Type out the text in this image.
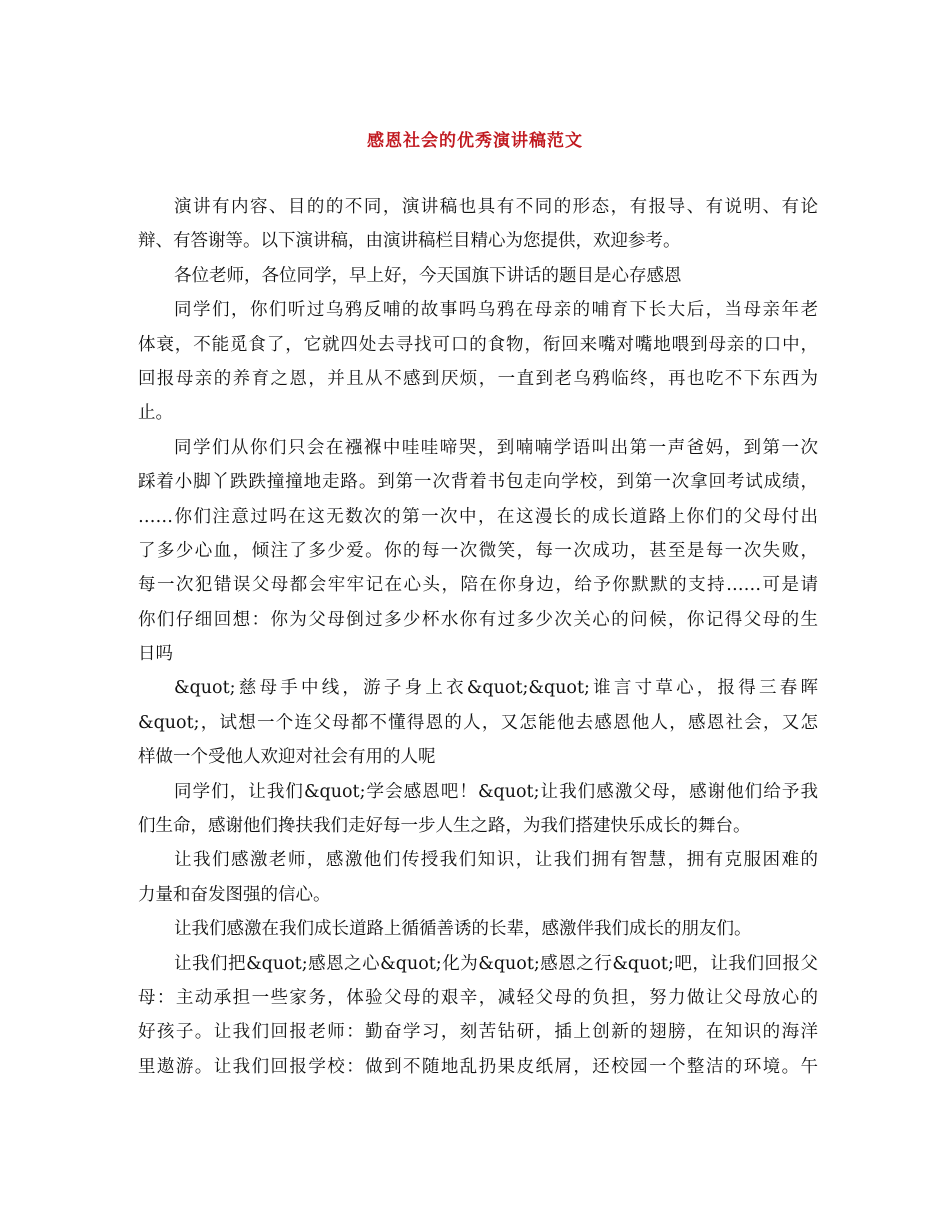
感恩社会的优秀演讲稿范文
演讲有内容、目的的不同，演讲稿也具有不同的形态，有报导、有说明、有论
辩、有答谢等。以下演讲稿，由演讲稿栏目精心为您提供，欢迎参考。
各位老师，各位同学，早上好，今天国旗下讲话的题目是心存感恩
同学们，你们听过乌鸦反哺的故事吗乌鸦在母亲的哺育下长大后，当母亲年老
体衰，不能觅食了，它就四处去寻找可口的食物，衔回来嘴对嘴地喂到母亲的口中，
回报母亲的养育之恩，并且从不感到厌烦，一直到老乌鸦临终，再也吃不下东西为
止。
同学们从你们只会在襁褓中哇哇啼哭，到喃喃学语叫出第一声爸妈，到第一次
踩着小脚丫跌跌撞撞地走路。到第一次背着书包走向学校，到第一次拿回考试成绩，
……你们注意过吗在这无数次的第一次中，在这漫长的成长道路上你们的父母付出
了多少心血，倾注了多少爱。你的每一次微笑，每一次成功，甚至是每一次失败，
每一次犯错误父母都会牢牢记在心头，陪在你身边，给予你默默的支持……可是请
你们仔细回想：你为父母倒过多少杯水你有过多少次关心的问候，你记得父母的生
日吗
&quot;慈母手中线，游子身上衣&quot;&quot;谁言寸草心，报得三春晖
&quot;，试想一个连父母都不懂得恩的人，又怎能他去感恩他人，感恩社会，又怎
样做一个受他人欢迎对社会有用的人呢
同学们，让我们&quot;学会感恩吧！&quot;让我们感激父母，感谢他们给予我
们生命，感谢他们搀扶我们走好每一步人生之路，为我们搭建快乐成长的舞台。
让我们感激老师，感激他们传授我们知识，让我们拥有智慧，拥有克服困难的
力量和奋发图强的信心。
让我们感激在我们成长道路上循循善诱的长辈，感激伴我们成长的朋友们。
让我们把&quot;感恩之心&quot;化为&quot;感恩之行&quot;吧，让我们回报父
母：主动承担一些家务，体验父母的艰辛，减轻父母的负担，努力做让父母放心的
好孩子。让我们回报老师：勤奋学习，刻苦钻研，插上创新的翅膀，在知识的海洋
里遨游。让我们回报学校：做到不随地乱扔果皮纸屑，还校园一个整洁的环境。午
